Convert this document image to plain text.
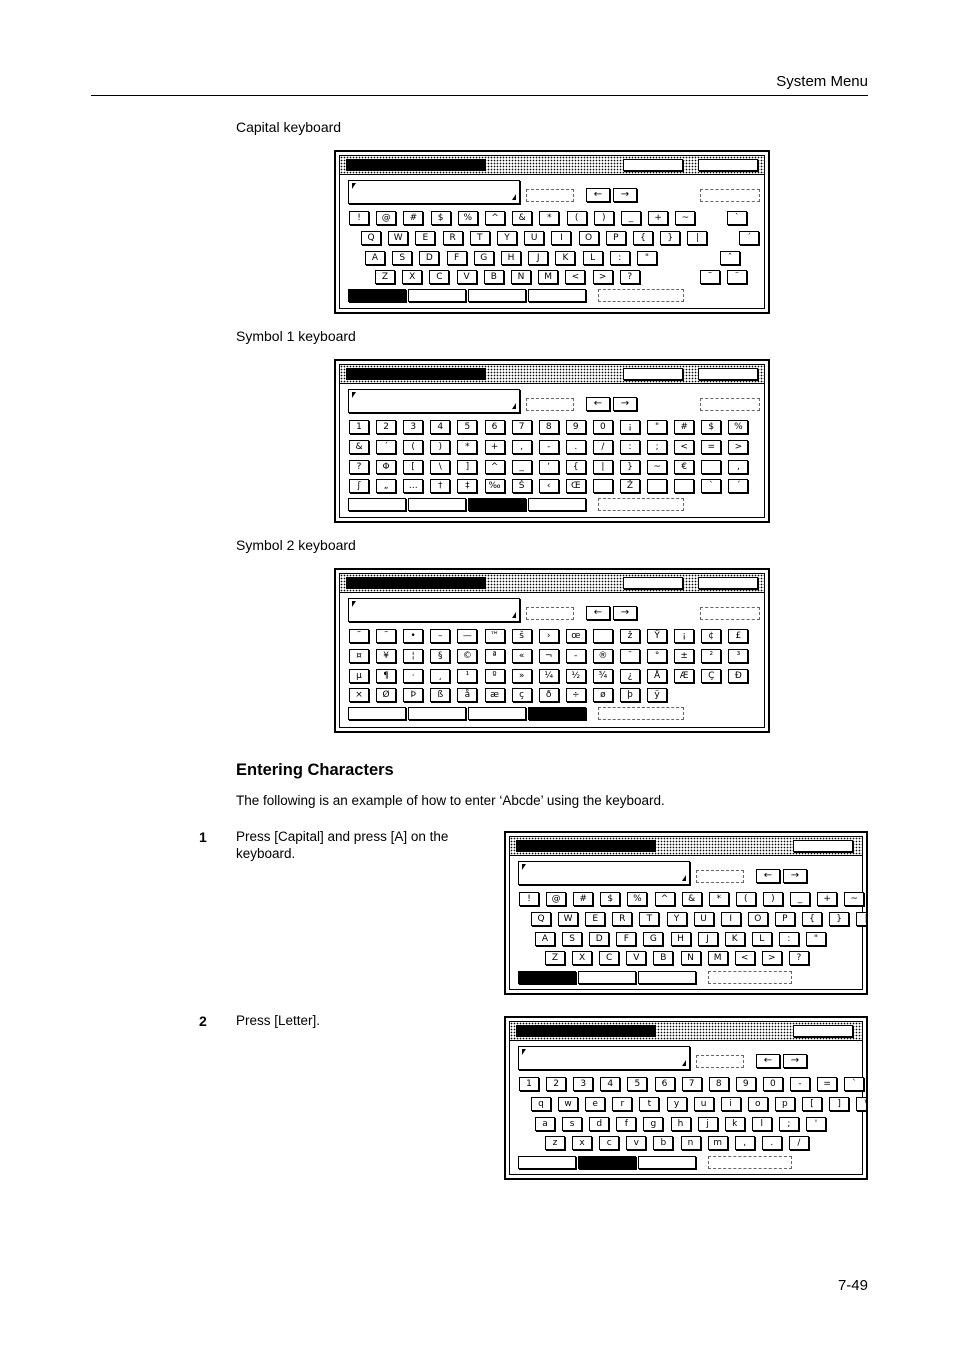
System Menu
Capital keyboard
←	→
!	@	#	$	%	^	&	*	(	)	_	+	~
Q	W	E	R	T	Y	U	I	O	P	{	}	|
A	S	D	F	G	H	J	K	L	:	"
Z	X	C	V	B	N	M	<	>	?
`
´
ˆ
˜	¨
Symbol 1 keyboard
←	→
1	2	3	4	5	6	7	8	9	0	¡	"	#	$	%
&	´	(	)	*	+	,	-	.	/	:	;	<	=	>
?	Φ	[	\	]	^	_	‘	{	|	}	~	€	,
ʃ	„	…	†	‡	‰	Š	‹	Œ	Ž	`	´
Symbol 2 keyboard
←	→
˜	˜	•	–	—	™	š	›	œ	ž	Ÿ	¡	¢	£
¤	¥	¦	§	©	ª	«	¬	-	®	¯	°	±	²	³
µ	¶	·	¸	¹	º	»	¼	½	¾	¿	Å	Æ	Ç	Ð
×	Ø	Þ	ß	å	æ	ç	ð	÷	ø	þ	ÿ
Entering Characters
The following is an example of how to enter ‘Abcde’ using the keyboard.
1 Press [Capital] and press [A] on the keyboard.
←	→
!	@	#	$	%	^	&	*	(	)	_	+	~
Q	W	E	R	T	Y	U	I	O	P	{	}	|
A	S	D	F	G	H	J	K	L	:	"
Z	X	C	V	B	N	M	<	>	?
2 Press [Letter].
←	→
1	2	3	4	5	6	7	8	9	0	-	=	`
q	w	e	r	t	y	u	i	o	p	[	]	\
a	s	d	f	g	h	j	k	l	;	'
z	x	c	v	b	n	m	,	.	/
7-49
